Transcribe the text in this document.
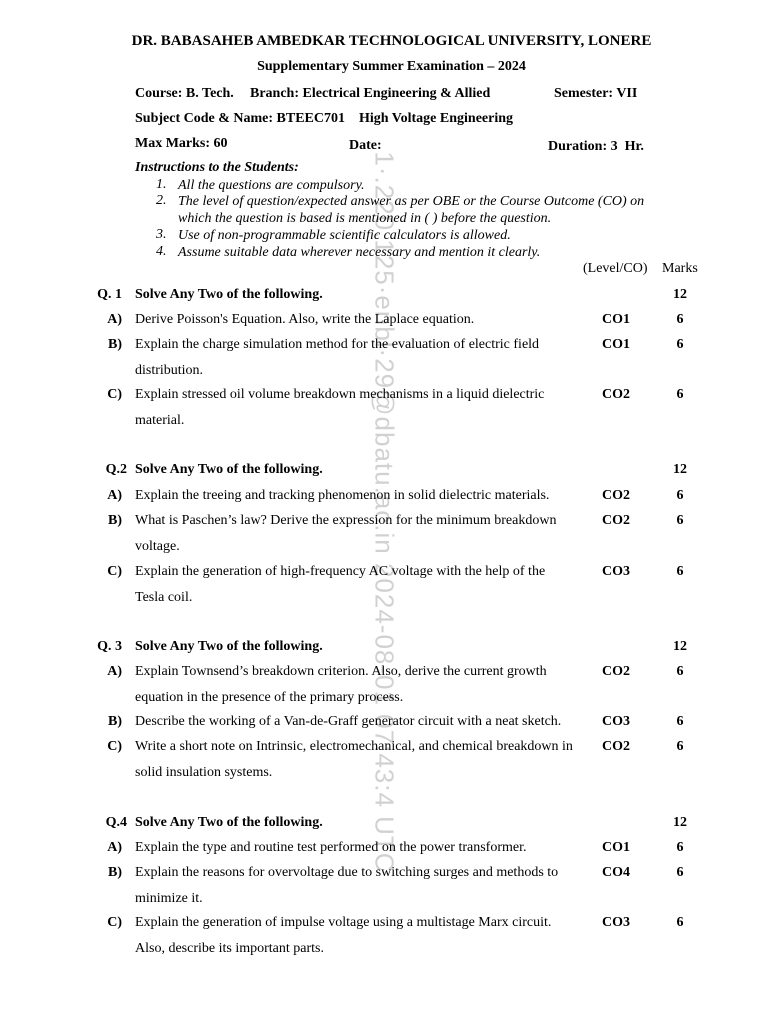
1·.220.125·enbl·29@dbatu.ac.in 2024-08-01 07:43:4 UTC
DR. BABASAHEB AMBEDKAR TECHNOLOGICAL UNIVERSITY, LONERE
Supplementary Summer Examination – 2024
Course: B. Tech. Branch: Electrical Engineering & Allied	Semester: VII
Subject Code & Name: BTEEC701    High Voltage Engineering
Max Marks: 60	Date:	Duration: 3  Hr.
Instructions to the Students:
1. All the questions are compulsory.
2. The level of question/expected answer as per OBE or the Course Outcome (CO) on which the question is based is mentioned in ( ) before the question.
3. Use of non-programmable scientific calculators is allowed.
4. Assume suitable data wherever necessary and mention it clearly.
(Level/CO) Marks
Q. 1 Solve Any Two of the following.	12
A) Derive Poisson's Equation. Also, write the Laplace equation.	CO1	6
B) Explain the charge simulation method for the evaluation of electric field distribution.
CO1	6
C) Explain stressed oil volume breakdown mechanisms in a liquid dielectric material.
CO2	6
Q.2 Solve Any Two of the following.	12
A) Explain the treeing and tracking phenomenon in solid dielectric materials.	CO2	6
B) What is Paschen’s law? Derive the expression for the minimum breakdown voltage.
CO2	6
C) Explain the generation of high-frequency AC voltage with the help of the Tesla coil.
CO3	6
Q. 3 Solve Any Two of the following.	12
A) Explain Townsend’s breakdown criterion. Also, derive the current growth equation in the presence of the primary process.
CO2	6
B) Describe the working of a Van-de-Graff generator circuit with a neat sketch.	CO3	6
C) Write a short note on Intrinsic, electromechanical, and chemical breakdown in solid insulation systems.
CO2	6
Q.4 Solve Any Two of the following.	12
A) Explain the type and routine test performed on the power transformer.	CO1	6
B) Explain the reasons for overvoltage due to switching surges and methods to minimize it.
CO4	6
C) Explain the generation of impulse voltage using a multistage Marx circuit. Also, describe its important parts.
CO3	6
